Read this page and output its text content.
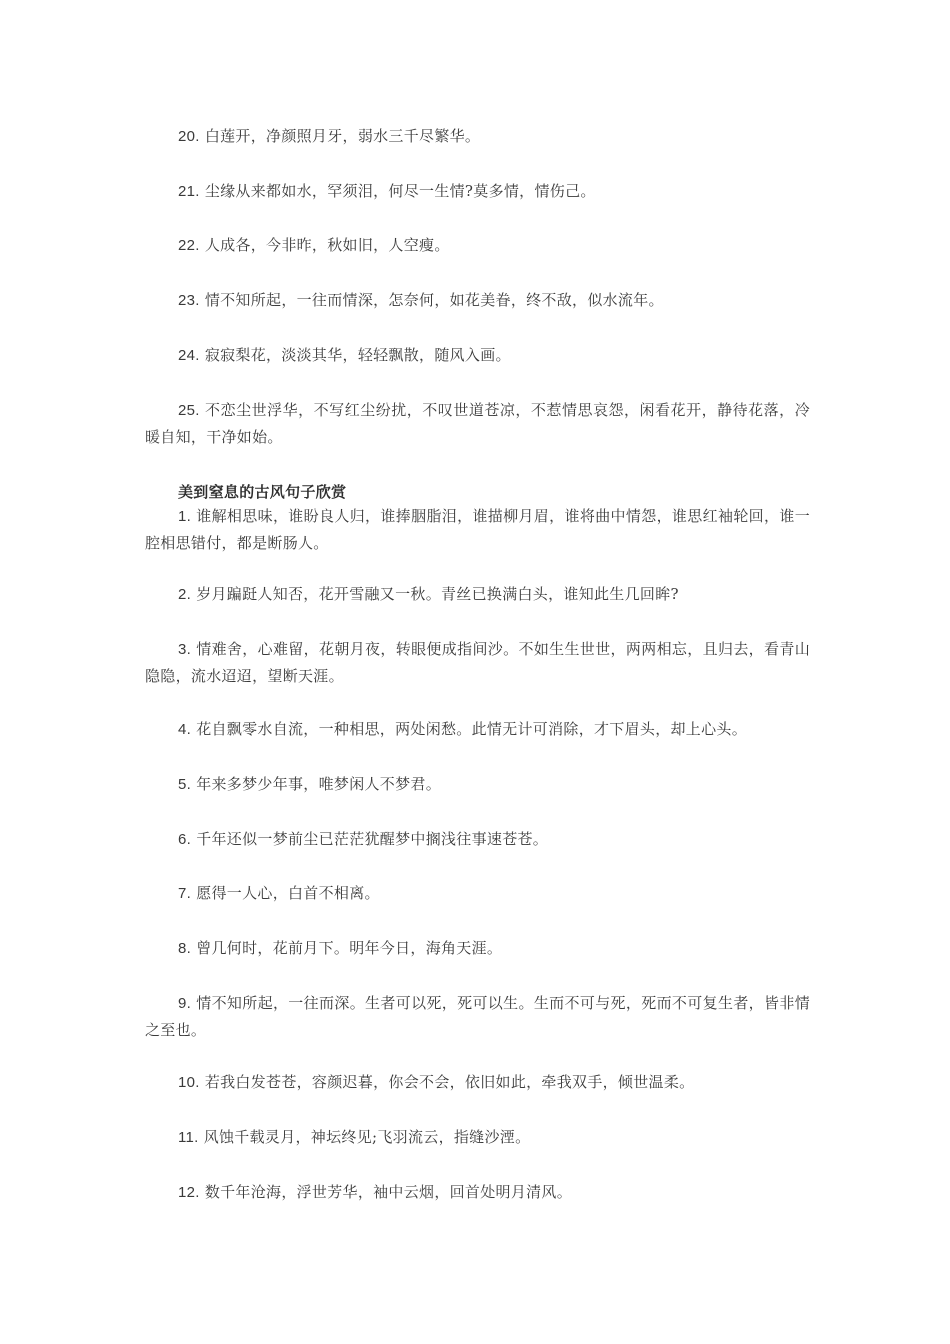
20. 白莲开，净颜照月牙，弱水三千尽繁华。

21. 尘缘从来都如水，罕须泪，何尽一生情?莫多情，情伤己。

22. 人成各，今非昨，秋如旧，人空瘦。

23. 情不知所起，一往而情深，怎奈何，如花美眷，终不敌，似水流年。

24. 寂寂梨花，淡淡其华，轻轻飘散，随风入画。

25. 不恋尘世浮华，不写红尘纷扰，不叹世道苍凉，不惹情思哀怨，闲看花开，静待花落，冷暖自知，干净如始。

美到窒息的古风句子欣赏

1. 谁解相思味，谁盼良人归，谁捧胭脂泪，谁描柳月眉，谁将曲中情怨，谁思红袖轮回，谁一腔相思错付，都是断肠人。

2. 岁月蹁跹人知否，花开雪融又一秋。青丝已换满白头，谁知此生几回眸?

3. 情难舍，心难留，花朝月夜，转眼便成指间沙。不如生生世世，两两相忘，且归去，看青山隐隐，流水迢迢，望断天涯。

4. 花自飘零水自流，一种相思，两处闲愁。此情无计可消除，才下眉头，却上心头。

5. 年来多梦少年事，唯梦闲人不梦君。

6. 千年还似一梦前尘已茫茫犹醒梦中搁浅往事速苍苍。

7. 愿得一人心，白首不相离。

8. 曾几何时，花前月下。明年今日，海角天涯。

9. 情不知所起，一往而深。生者可以死，死可以生。生而不可与死，死而不可复生者，皆非情之至也。

10. 若我白发苍苍，容颜迟暮，你会不会，依旧如此，牵我双手，倾世温柔。

11. 风蚀千载灵月，神坛终见;飞羽流云，指缝沙湮。

12. 数千年沧海，浮世芳华，袖中云烟，回首处明月清风。
